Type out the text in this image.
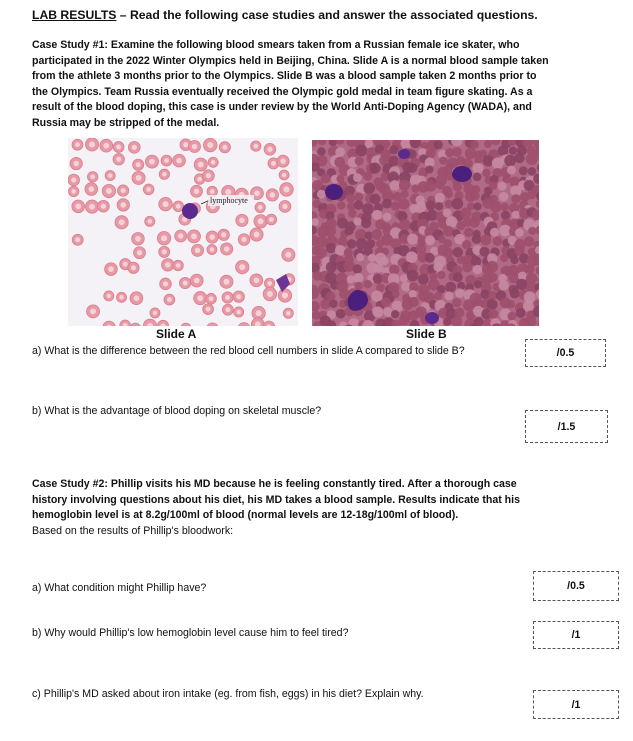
LAB RESULTS – Read the following case studies and answer the associated questions.
Case Study #1: Examine the following blood smears taken from a Russian female ice skater, who participated in the 2022 Winter Olympics held in Beijing, China. Slide A is a normal blood sample taken from the athlete 3 months prior to the Olympics. Slide B was a blood sample taken 2 months prior to the Olympics. Team Russia eventually received the Olympic gold medal in team figure skating. As a result of the blood doping, this case is under review by the World Anti-Doping Agency (WADA), and Russia may be stripped of the medal.
lymphocyte
Slide A	Slide B
a) What is the difference between the red blood cell numbers in slide A compared to slide B?	/0.5
b) What is the advantage of blood doping on skeletal muscle?
/1.5
Case Study #2: Phillip visits his MD because he is feeling constantly tired. After a thorough case history involving questions about his diet, his MD takes a blood sample. Results indicate that his hemoglobin level is at 8.2g/100ml of blood (normal levels are 12-18g/100ml of blood).
Based on the results of Phillip's bloodwork:
a) What condition might Phillip have?	/0.5
b) Why would Phillip's low hemoglobin level cause him to feel tired?	/1
c) Phillip's MD asked about iron intake (eg. from fish, eggs) in his diet? Explain why.
/1
